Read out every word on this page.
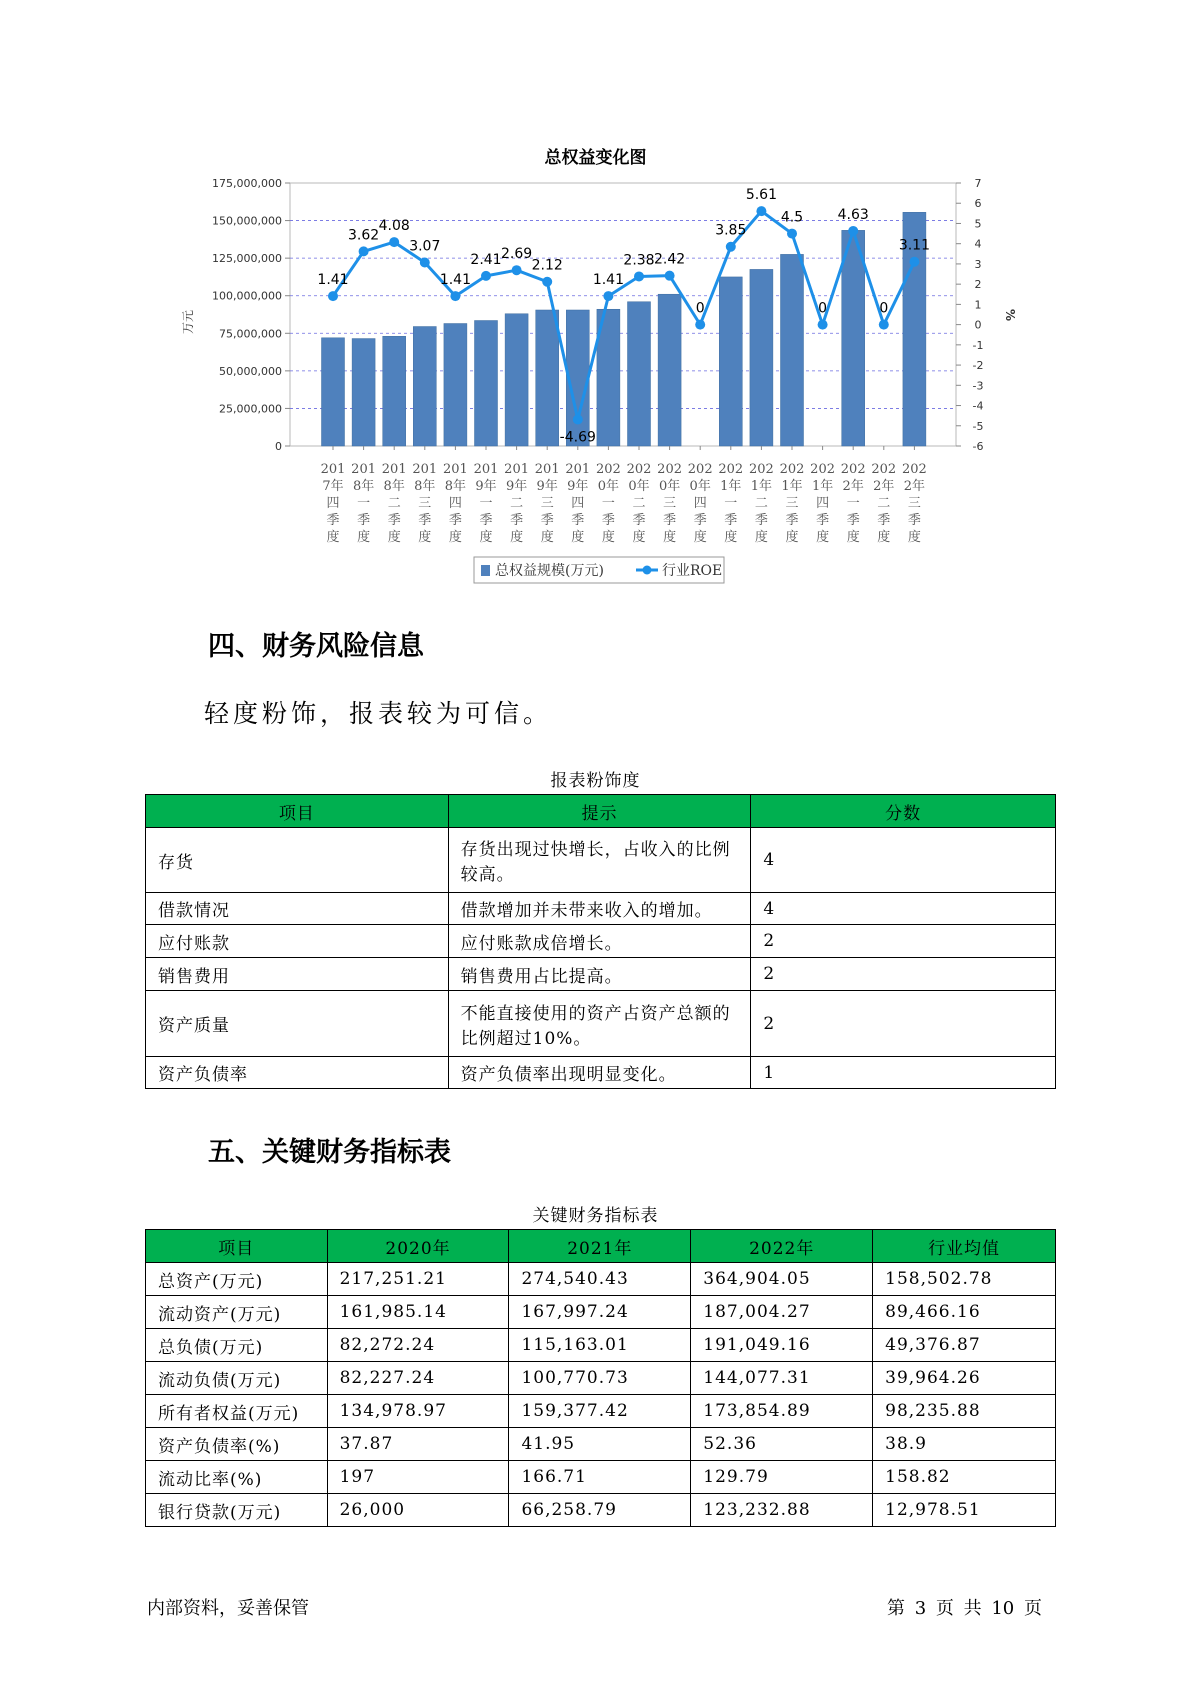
总权益变化图
175,000,000
150,000,000
125,000,000
100,000,000
75,000,000
50,000,000
25,000,000
0
7
6
5
4
3
2
1
0
-1
-2
-3
-4
-5
-6
万元	%
201 7年四季度
201 8年一季度
201 8年二季度
201 8年三季度
201 8年四季度
201 9年一季度
201 9年二季度
201 9年三季度
201 9年四季度
202 0年一季度
202 0年二季度
202 0年三季度
202 0年四季度
202 1年一季度
202 1年二季度
202 1年三季度
202 1年四季度
202 2年一季度
202 2年二季度
202 2年三季度
1.41
3.62
4.08
3.07
1.41
2.41 2.69
2.12
-4.69
1.41
2.38 2.42
0
3.85
5.61
4.5
0
4.63
0
3.11
总权益规模(万元)	行业ROE
四、财务风险信息
轻度粉饰，报表较为可信。
报表粉饰度
项目	提示	分数
存货	存货出现过快增长，占收入的比例较高。	4
借款情况	借款增加并未带来收入的增加。	4
应付账款	应付账款成倍增长。	2
销售费用	销售费用占比提高。	2
资产质量	不能直接使用的资产占资产总额的比例超过10%。	2
资产负债率	资产负债率出现明显变化。	1
五、关键财务指标表
关键财务指标表
项目	2020年	2021年	2022年	行业均值
总资产(万元)	217,251.21	274,540.43	364,904.05	158,502.78
流动资产(万元)	161,985.14	167,997.24	187,004.27	89,466.16
总负债(万元)	82,272.24	115,163.01	191,049.16	49,376.87
流动负债(万元)	82,227.24	100,770.73	144,077.31	39,964.26
所有者权益(万元)	134,978.97	159,377.42	173,854.89	98,235.88
资产负债率(%)	37.87	41.95	52.36	38.9
流动比率(%)	197	166.71	129.79	158.82
银行贷款(万元)	26,000	66,258.79	123,232.88	12,978.51
内部资料，妥善保管	第 3 页 共 10 页
